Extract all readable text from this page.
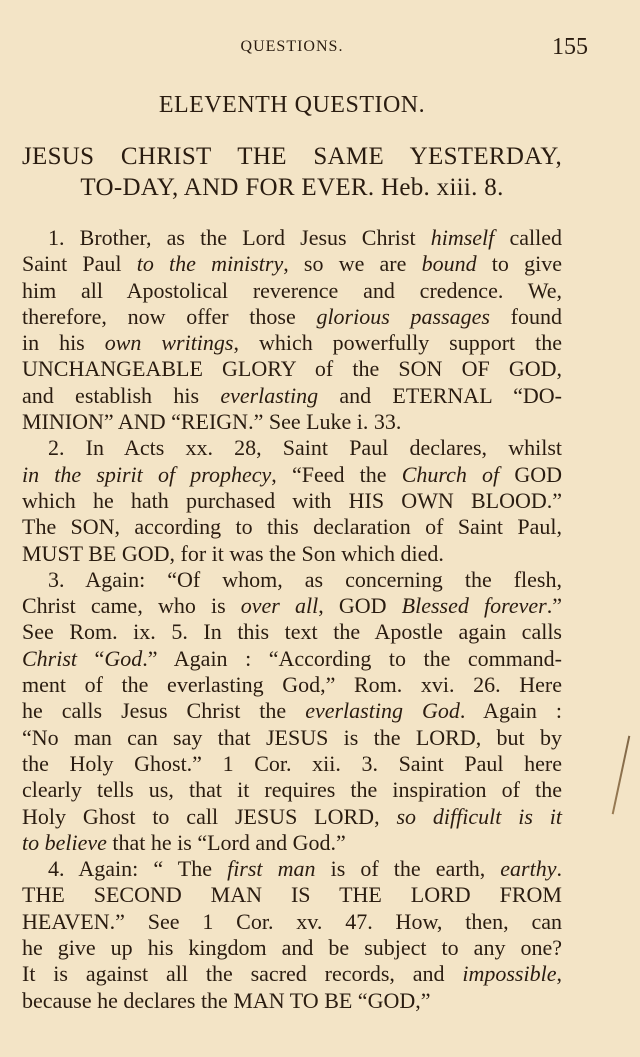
QUESTIONS.	155
ELEVENTH QUESTION.
JESUS CHRIST THE SAME YESTERDAY,
TO-DAY, AND FOR EVER. Heb. xiii. 8.

1. Brother, as the Lord Jesus Christ himself called
Saint Paul to the ministry, so we are bound to give
him all Apostolical reverence and credence. We,
therefore, now offer those glorious passages found
in his own writings, which powerfully support the
UNCHANGEABLE GLORY of the SON OF GOD,
and establish his everlasting and ETERNAL “DO-
MINION” AND “REIGN.” See Luke i. 33.

2. In Acts xx. 28, Saint Paul declares, whilst
in the spirit of prophecy, “Feed the Church of GOD
which he hath purchased with HIS OWN BLOOD.”
The SON, according to this declaration of Saint Paul,
MUST BE GOD, for it was the Son which died.

3. Again: “Of whom, as concerning the flesh,
Christ came, who is over all, GOD Blessed forever.”
See Rom. ix. 5. In this text the Apostle again calls
Christ “God.” Again : “According to the command-
ment of the everlasting God,” Rom. xvi. 26. Here
he calls Jesus Christ the everlasting God. Again :
“No man can say that JESUS is the LORD, but by
the Holy Ghost.” 1 Cor. xii. 3. Saint Paul here
clearly tells us, that it requires the inspiration of the
Holy Ghost to call JESUS LORD, so difficult is it
to believe that he is “Lord and God.”

4. Again: “ The first man is of the earth, earthy.
THE SECOND MAN IS THE LORD FROM
HEAVEN.” See 1 Cor. xv. 47. How, then, can
he give up his kingdom and be subject to any one?
It is against all the sacred records, and impossible,
because he declares the MAN TO BE “GOD,”
